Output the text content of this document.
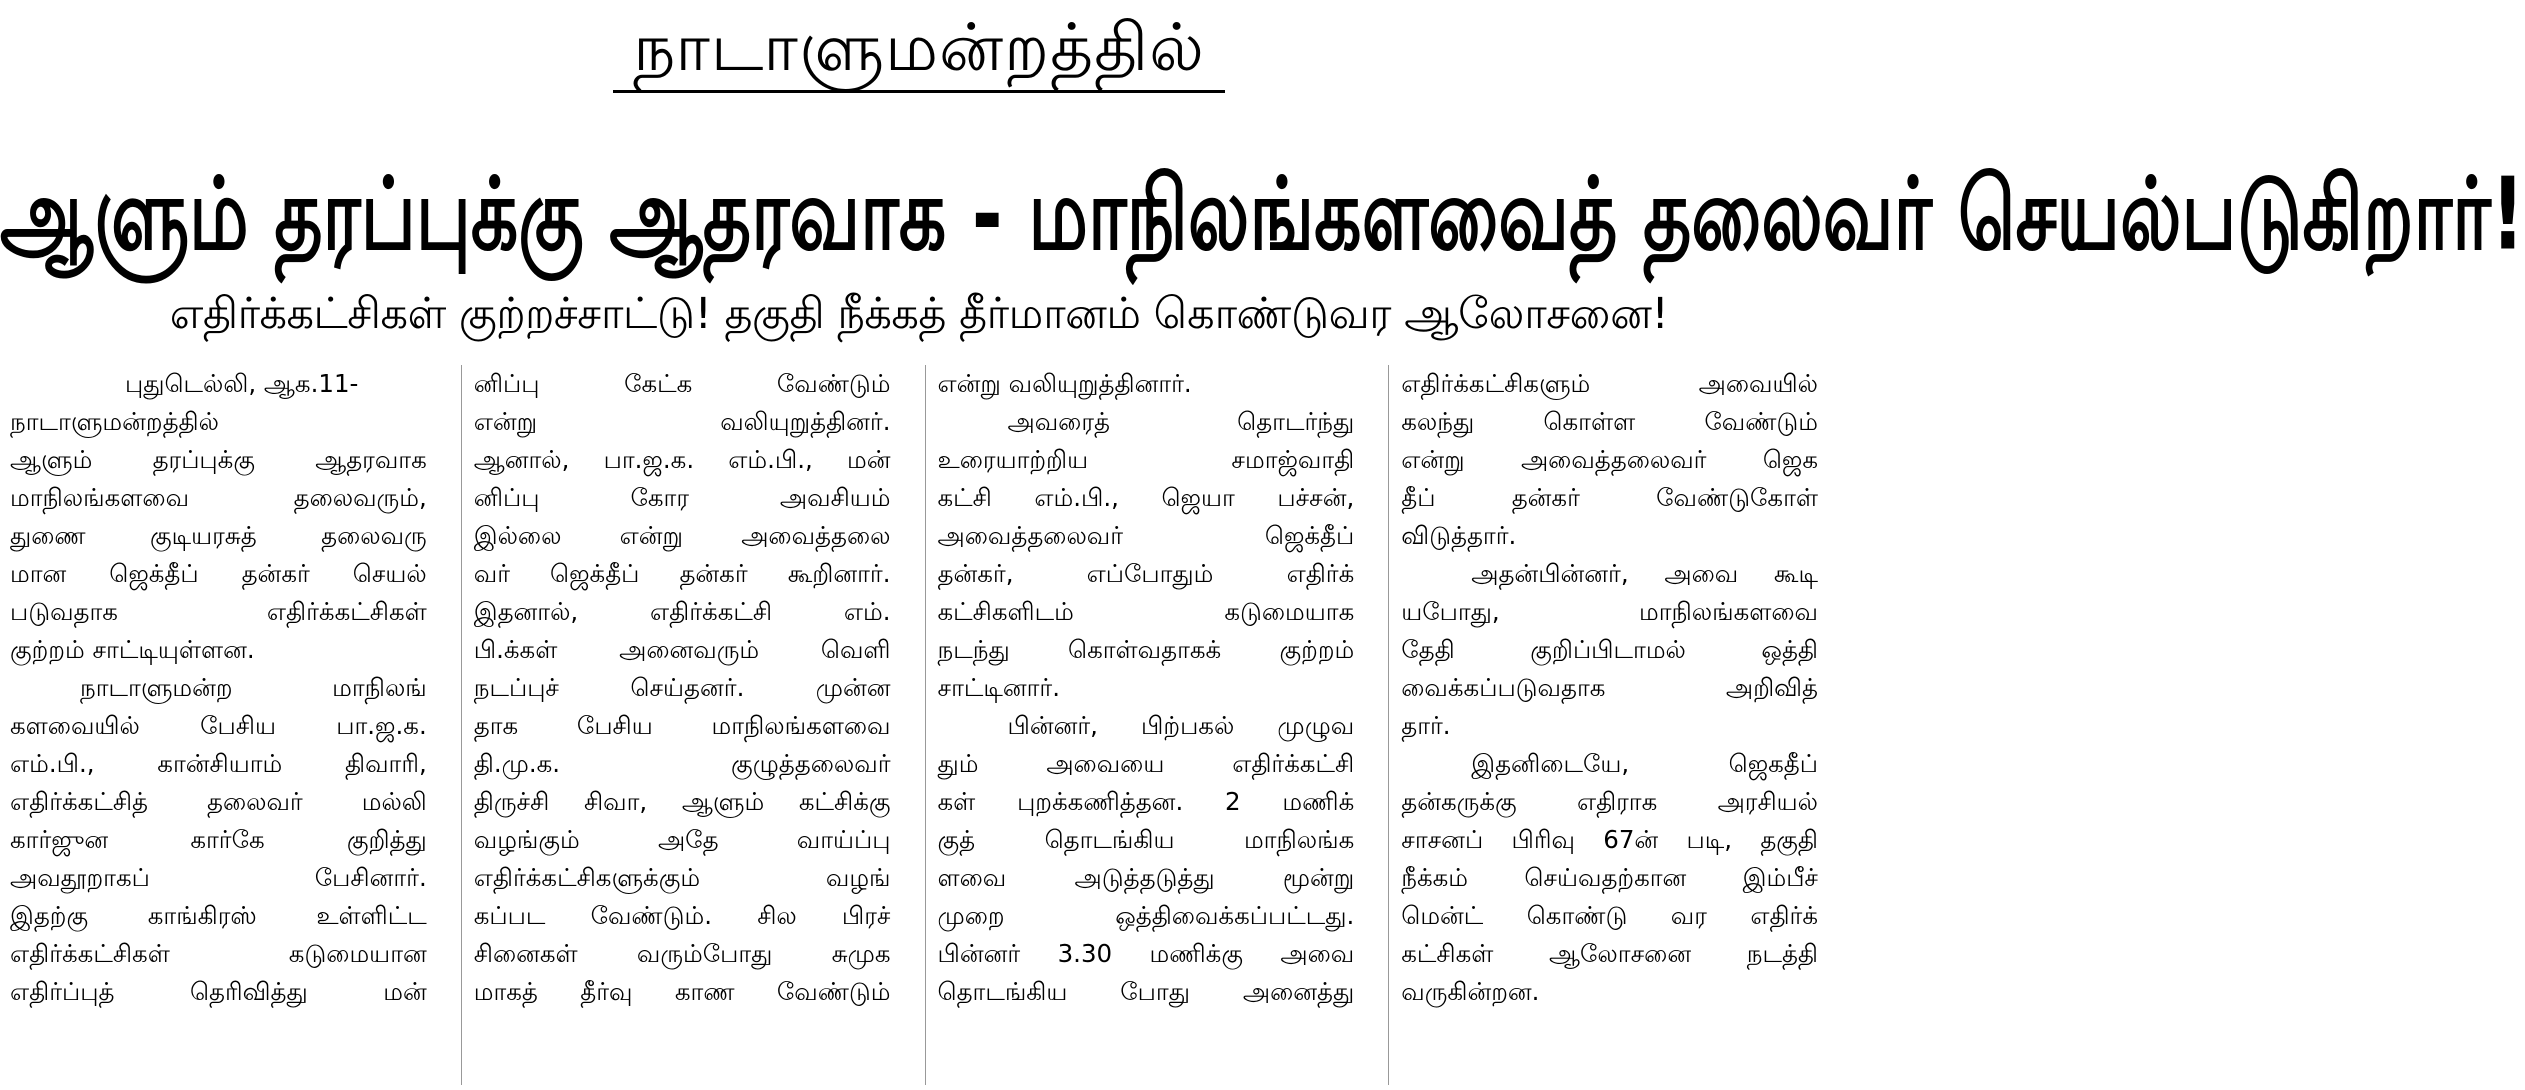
நாடாளுமன்றத்தில்
ஆளும் தரப்புக்கு ஆதரவாக - மாநிலங்களவைத் தலைவர் செயல்படுகிறார்!
எதிர்க்கட்சிகள் குற்றச்சாட்டு! தகுதி நீக்கத் தீர்மானம் கொண்டுவர ஆலோசனை!
புதுடெல்லி, ஆக.11-
நாடாளுமன்றத்தில்
ஆளும் தரப்புக்கு ஆதரவாக
மாநிலங்களவை தலைவரும்,
துணை குடியரசுத் தலைவரு
மான ஜெக்தீப் தன்கர் செயல்
படுவதாக எதிர்க்கட்சிகள்
குற்றம் சாட்டியுள்ளன.
நாடாளுமன்ற மாநிலங்
களவையில் பேசிய பா.ஜ.க.
எம்.பி., கான்சியாம் திவாரி,
எதிர்க்கட்சித் தலைவர் மல்லி
கார்ஜுன கார்கே குறித்து
அவதூறாகப் பேசினார்.
இதற்கு காங்கிரஸ் உள்ளிட்ட
எதிர்க்கட்சிகள் கடுமையான
எதிர்ப்புத் தெரிவித்து மன்
னிப்பு கேட்க வேண்டும்
என்று வலியுறுத்தினர்.
ஆனால், பா.ஜ.க. எம்.பி., மன்
னிப்பு கோர அவசியம்
இல்லை என்று அவைத்தலை
வர் ஜெக்தீப் தன்கர் கூறினார்.
இதனால், எதிர்க்கட்சி எம்.
பி.க்கள் அனைவரும் வெளி
நடப்புச் செய்தனர். முன்ன
தாக பேசிய மாநிலங்களவை
தி.மு.க. குழுத்தலைவர்
திருச்சி சிவா, ஆளும் கட்சிக்கு
வழங்கும் அதே வாய்ப்பு
எதிர்க்கட்சிகளுக்கும் வழங்
கப்பட வேண்டும். சில பிரச்
சினைகள் வரும்போது சுமுக
மாகத் தீர்வு காண வேண்டும்
என்று வலியுறுத்தினார்.
அவரைத் தொடர்ந்து
உரையாற்றிய சமாஜ்வாதி
கட்சி எம்.பி., ஜெயா பச்சன்,
அவைத்தலைவர் ஜெக்தீப்
தன்கர், எப்போதும் எதிர்க்
கட்சிகளிடம் கடுமையாக
நடந்து கொள்வதாகக் குற்றம்
சாட்டினார்.
பின்னர், பிற்பகல் முழுவ
தும் அவையை எதிர்க்கட்சி
கள் புறக்கணித்தன. 2 மணிக்
குத் தொடங்கிய மாநிலங்க
ளவை அடுத்தடுத்து மூன்று
முறை ஒத்திவைக்கப்பட்டது.
பின்னர் 3.30 மணிக்கு அவை
தொடங்கிய போது அனைத்து
எதிர்க்கட்சிகளும் அவையில்
கலந்து கொள்ள வேண்டும்
என்று அவைத்தலைவர் ஜெக
தீப் தன்கர் வேண்டுகோள்
விடுத்தார்.
அதன்பின்னர், அவை கூடி
யபோது, மாநிலங்களவை
தேதி குறிப்பிடாமல் ஒத்தி
வைக்கப்படுவதாக அறிவித்
தார்.
இதனிடையே, ஜெகதீப்
தன்கருக்கு எதிராக அரசியல்
சாசனப் பிரிவு 67ன் படி, தகுதி
நீக்கம் செய்வதற்கான இம்பீச்
மென்ட் கொண்டு வர எதிர்க்
கட்சிகள் ஆலோசனை நடத்தி
வருகின்றன.
